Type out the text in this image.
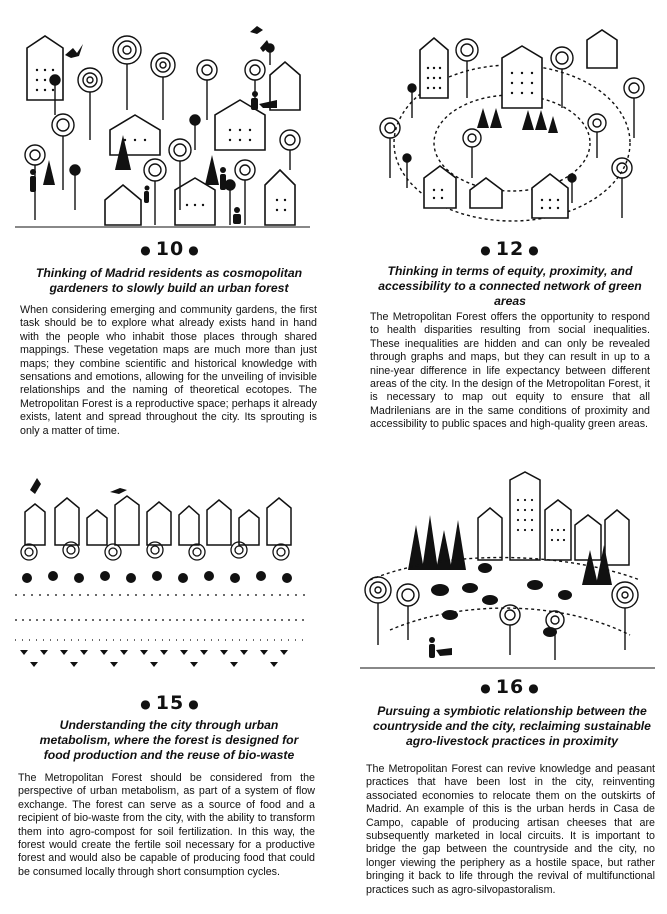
● 10 ●
Thinking of Madrid residents as cosmopolitan gardeners to slowly build an urban forest
When considering emerging and community gardens, the first task should be to explore what already exists hand in hand with the people who inhabit those places through shared mappings. These vegetation maps are much more than just maps; they combine scientific and historical knowledge with sensations and emotions, allowing for the unveiling of invisible relationships and the naming of theoretical ecotopes. The Metropolitan Forest is a reproductive space; perhaps it already exists, latent and spread throughout the city. Its sprouting is only a matter of time.
● 12 ●
Thinking in terms of equity, proximity, and accessibility to a connected network of green areas
The Metropolitan Forest offers the opportunity to respond to health disparities resulting from social inequalities. These inequalities are hidden and can only be revealed through graphs and maps, but they can result in up to a nine-year difference in life expectancy between different areas of the city. In the design of the Metropolitan Forest, it is necessary to map out equity to ensure that all Madrilenians are in the same conditions of proximity and accessibility to public spaces and high-quality green areas.
● 15 ●
Understanding the city through urban metabolism, where the forest is designed for food production and the reuse of bio-waste
The Metropolitan Forest should be considered from the perspective of urban metabolism, as part of a system of flow exchange. The forest can serve as a source of food and a recipient of bio-waste from the city, with the ability to transform them into agro-compost for soil fertilization. In this way, the forest would create the fertile soil necessary for a productive forest and would also be capable of producing food that could be consumed locally through short consumption cycles.
● 16 ●
Pursuing a symbiotic relationship between the countryside and the city, reclaiming sustainable agro-livestock practices in proximity
The Metropolitan Forest can revive knowledge and peasant practices that have been lost in the city, reinventing associated economies to relocate them on the outskirts of Madrid. An example of this is the urban herds in Casa de Campo, capable of producing artisan cheeses that are subsequently marketed in local circuits. It is important to bridge the gap between the countryside and the city, no longer viewing the periphery as a hostile space, but rather bringing it back to life through the revival of multifunctional practices such as agro-silvopastoralism.
